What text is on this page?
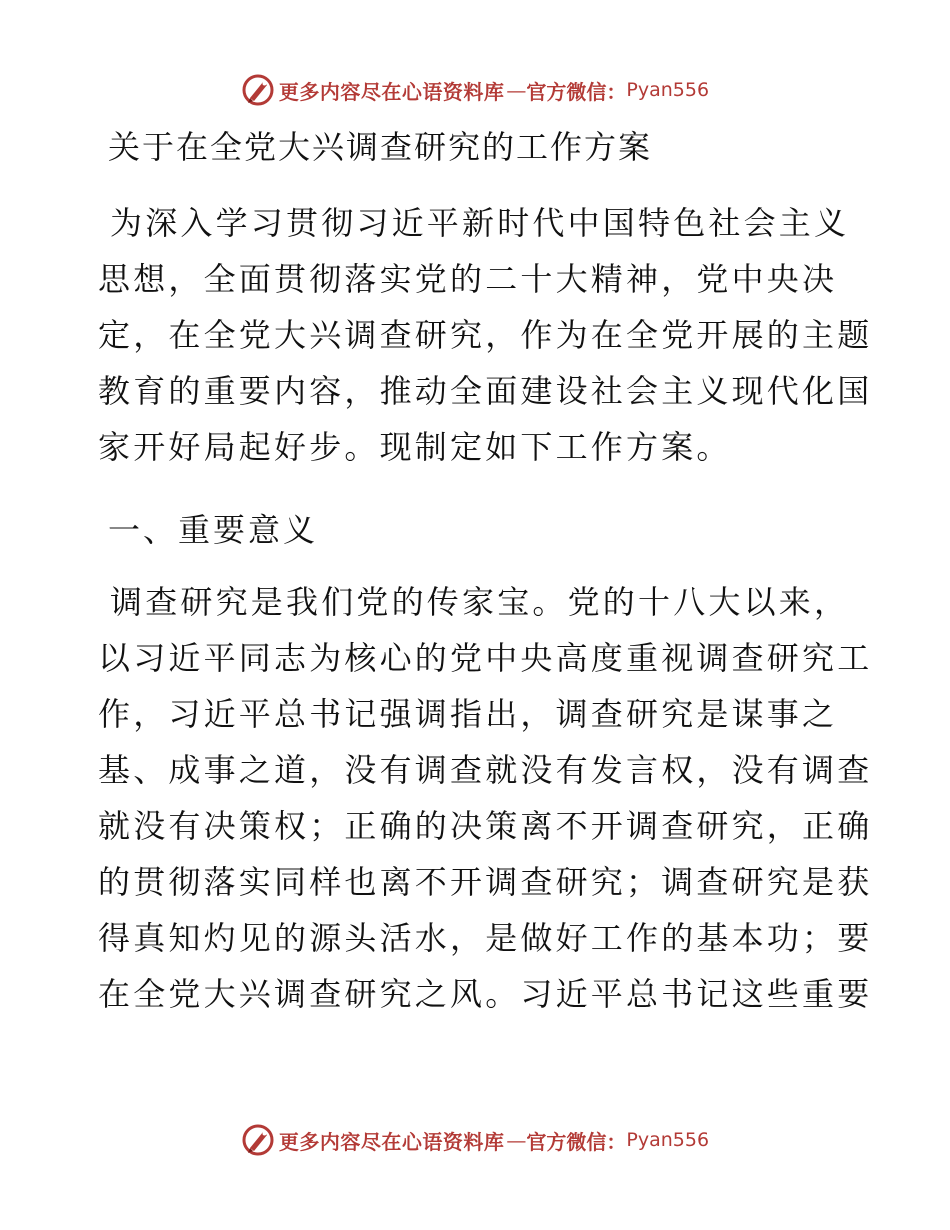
更多内容尽在心语资料库 — 官方微信： Pyan556
关于在全党大兴调查研究的工作方案
为深入学习贯彻习近平新时代中国特色社会主义
思想，全面贯彻落实党的二十大精神，党中央决
定，在全党大兴调查研究，作为在全党开展的主题
教育的重要内容，推动全面建设社会主义现代化国
家开好局起好步。现制定如下工作方案。
一、重要意义
调查研究是我们党的传家宝。党的十八大以来，
以习近平同志为核心的党中央高度重视调查研究工
作，习近平总书记强调指出，调查研究是谋事之
基、成事之道，没有调查就没有发言权，没有调查
就没有决策权；正确的决策离不开调查研究，正确
的贯彻落实同样也离不开调查研究；调查研究是获
得真知灼见的源头活水，是做好工作的基本功；要
在全党大兴调查研究之风。习近平总书记这些重要
更多内容尽在心语资料库 — 官方微信： Pyan556
